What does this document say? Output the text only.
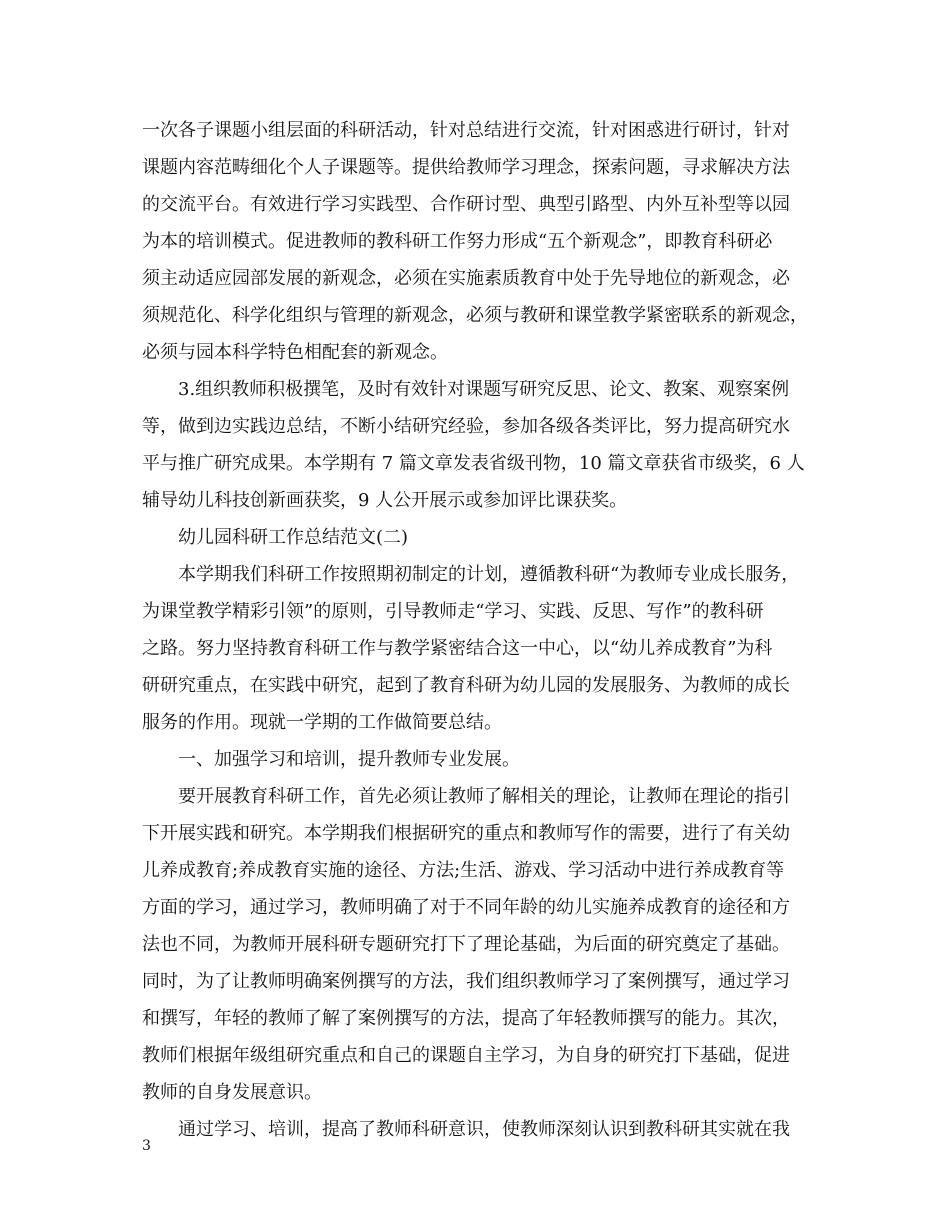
一次各子课题小组层面的科研活动，针对总结进行交流，针对困惑进行研讨，针对
课题内容范畴细化个人子课题等。提供给教师学习理念，探索问题，寻求解决方法
的交流平台。有效进行学习实践型、合作研讨型、典型引路型、内外互补型等以园
为本的培训模式。促进教师的教科研工作努力形成“五个新观念”，即教育科研必
须主动适应园部发展的新观念，必须在实施素质教育中处于先导地位的新观念，必
须规范化、科学化组织与管理的新观念，必须与教研和课堂教学紧密联系的新观念，
必须与园本科学特色相配套的新观念。
3.组织教师积极撰笔，及时有效针对课题写研究反思、论文、教案、观察案例
等，做到边实践边总结，不断小结研究经验，参加各级各类评比，努力提高研究水
平与推广研究成果。本学期有 7 篇文章发表省级刊物，10 篇文章获省市级奖，6 人
辅导幼儿科技创新画获奖，9 人公开展示或参加评比课获奖。
幼儿园科研工作总结范文(二)
本学期我们科研工作按照期初制定的计划，遵循教科研“为教师专业成长服务，
为课堂教学精彩引领”的原则，引导教师走“学习、实践、反思、写作”的教科研
之路。努力坚持教育科研工作与教学紧密结合这一中心，以“幼儿养成教育”为科
研研究重点，在实践中研究，起到了教育科研为幼儿园的发展服务、为教师的成长
服务的作用。现就一学期的工作做简要总结。
一、加强学习和培训，提升教师专业发展。
要开展教育科研工作，首先必须让教师了解相关的理论，让教师在理论的指引
下开展实践和研究。本学期我们根据研究的重点和教师写作的需要，进行了有关幼
儿养成教育;养成教育实施的途径、方法;生活、游戏、学习活动中进行养成教育等
方面的学习，通过学习，教师明确了对于不同年龄的幼儿实施养成教育的途径和方
法也不同，为教师开展科研专题研究打下了理论基础，为后面的研究奠定了基础。
同时，为了让教师明确案例撰写的方法，我们组织教师学习了案例撰写，通过学习
和撰写，年轻的教师了解了案例撰写的方法，提高了年轻教师撰写的能力。其次，
教师们根据年级组研究重点和自己的课题自主学习，为自身的研究打下基础，促进
教师的自身发展意识。
通过学习、培训，提高了教师科研意识，使教师深刻认识到教科研其实就在我
3
